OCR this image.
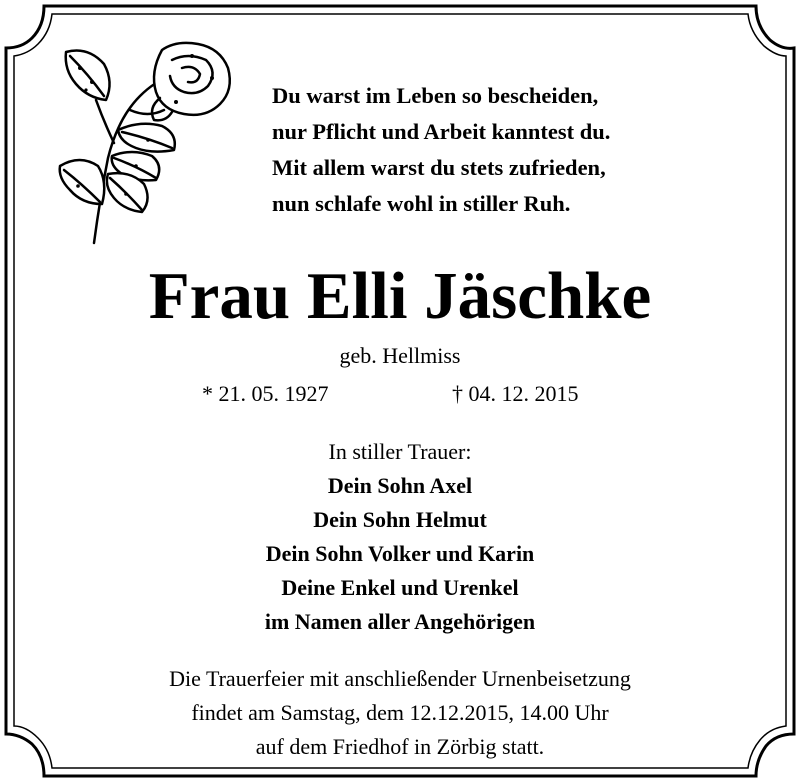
Du warst im Leben so bescheiden,
nur Pflicht und Arbeit kanntest du.
Mit allem warst du stets zufrieden,
nun schlafe wohl in stiller Ruh.
Frau Elli Jäschke
geb. Hellmiss
* 21. 05. 1927	† 04. 12. 2015
In stiller Trauer:
Dein Sohn Axel
Dein Sohn Helmut
Dein Sohn Volker und Karin
Deine Enkel und Urenkel
im Namen aller Angehörigen
Die Trauerfeier mit anschließender Urnenbeisetzung
findet am Samstag, dem 12.12.2015, 14.00 Uhr
auf dem Friedhof in Zörbig statt.
